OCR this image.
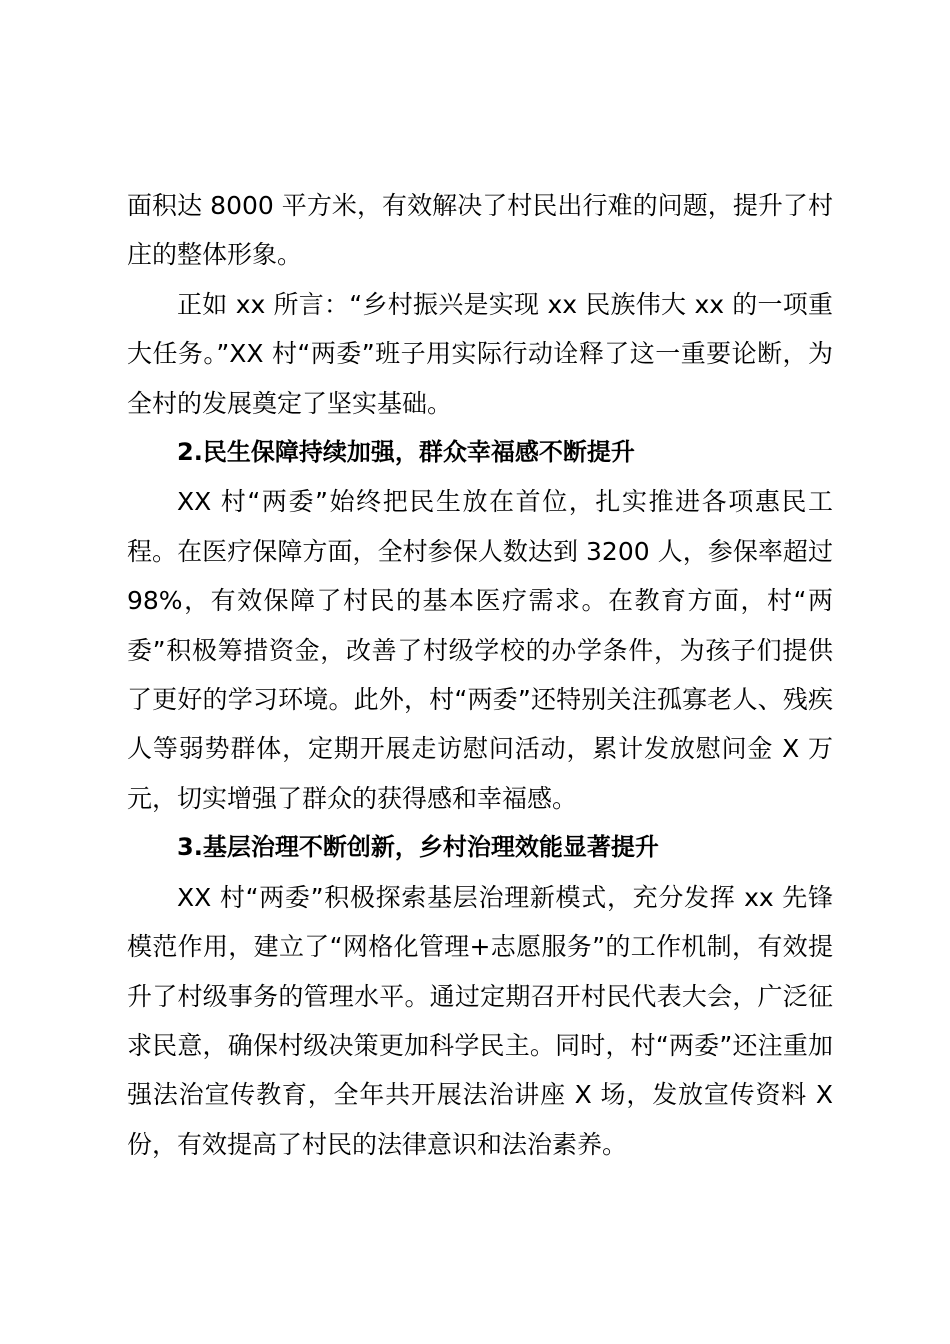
面积达 8000 平方米，有效解决了村民出行难的问题，提升了村庄的整体形象。

正如 xx 所言：“乡村振兴是实现 xx 民族伟大 xx 的一项重大任务。”XX 村“两委”班子用实际行动诠释了这一重要论断，为全村的发展奠定了坚实基础。

2.民生保障持续加强，群众幸福感不断提升

XX 村“两委”始终把民生放在首位，扎实推进各项惠民工程。在医疗保障方面，全村参保人数达到 3200 人，参保率超过 98%，有效保障了村民的基本医疗需求。在教育方面，村“两委”积极筹措资金，改善了村级学校的办学条件，为孩子们提供了更好的学习环境。此外，村“两委”还特别关注孤寡老人、残疾人等弱势群体，定期开展走访慰问活动，累计发放慰问金 X 万元，切实增强了群众的获得感和幸福感。

3.基层治理不断创新，乡村治理效能显著提升

XX 村“两委”积极探索基层治理新模式，充分发挥 xx 先锋模范作用，建立了“网格化管理+志愿服务”的工作机制，有效提升了村级事务的管理水平。通过定期召开村民代表大会，广泛征求民意，确保村级决策更加科学民主。同时，村“两委”还注重加强法治宣传教育，全年共开展法治讲座 X 场，发放宣传资料 X 份，有效提高了村民的法律意识和法治素养。
